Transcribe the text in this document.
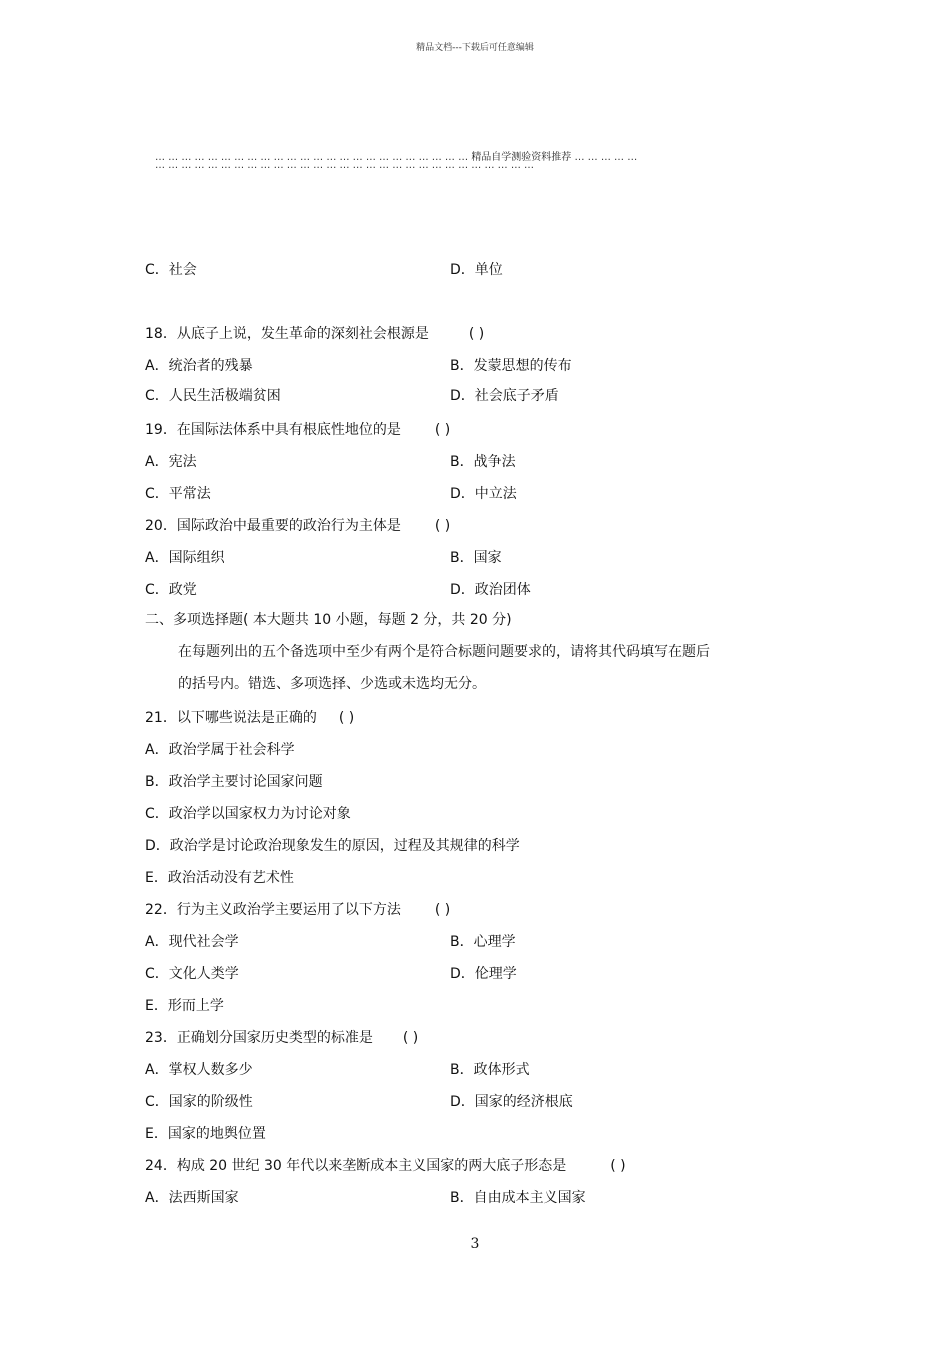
精品文档---下载后可任意编辑
… … … … … … … … … … … … … … … … … … … … … … … … 精品自学测验资料推荐 … … … … …
… … … … … … … … … … … … … … … … … … … … … … … … … … … … …
C．社会	D．单位
18．从底子上说，发生革命的深刻社会根源是	( )
A．统治者的残暴	B．发蒙思想的传布
C．人民生活极端贫困	D．社会底子矛盾
19．在国际法体系中具有根底性地位的是 ( )
A．宪法	B．战争法
C．平常法	D．中立法
20．国际政治中最重要的政治行为主体是 ( )
A．国际组织	B．国家
C．政党	D．政治团体
二、多项选择题( 本大题共 10 小题，每题 2 分，共 20 分)
在每题列出的五个备选项中至少有两个是符合标题问题要求的，请将其代码填写在题后
的括号内。错选、多项选择、少选或未选均无分。
21．以下哪些说法是正确的 ( )
A．政治学属于社会科学
B．政治学主要讨论国家问题
C．政治学以国家权力为讨论对象
D．政治学是讨论政治现象发生的原因，过程及其规律的科学
E．政治活动没有艺术性
22．行为主义政治学主要运用了以下方法 ( )
A．现代社会学	B．心理学
C．文化人类学	D．伦理学
E．形而上学
23．正确划分国家历史类型的标准是 ( )
A．掌权人数多少	B．政体形式
C．国家的阶级性	D．国家的经济根底
E．国家的地舆位置
24．构成 20 世纪 30 年代以来垄断成本主义国家的两大底子形态是	( )
A．法西斯国家	B．自由成本主义国家
3
